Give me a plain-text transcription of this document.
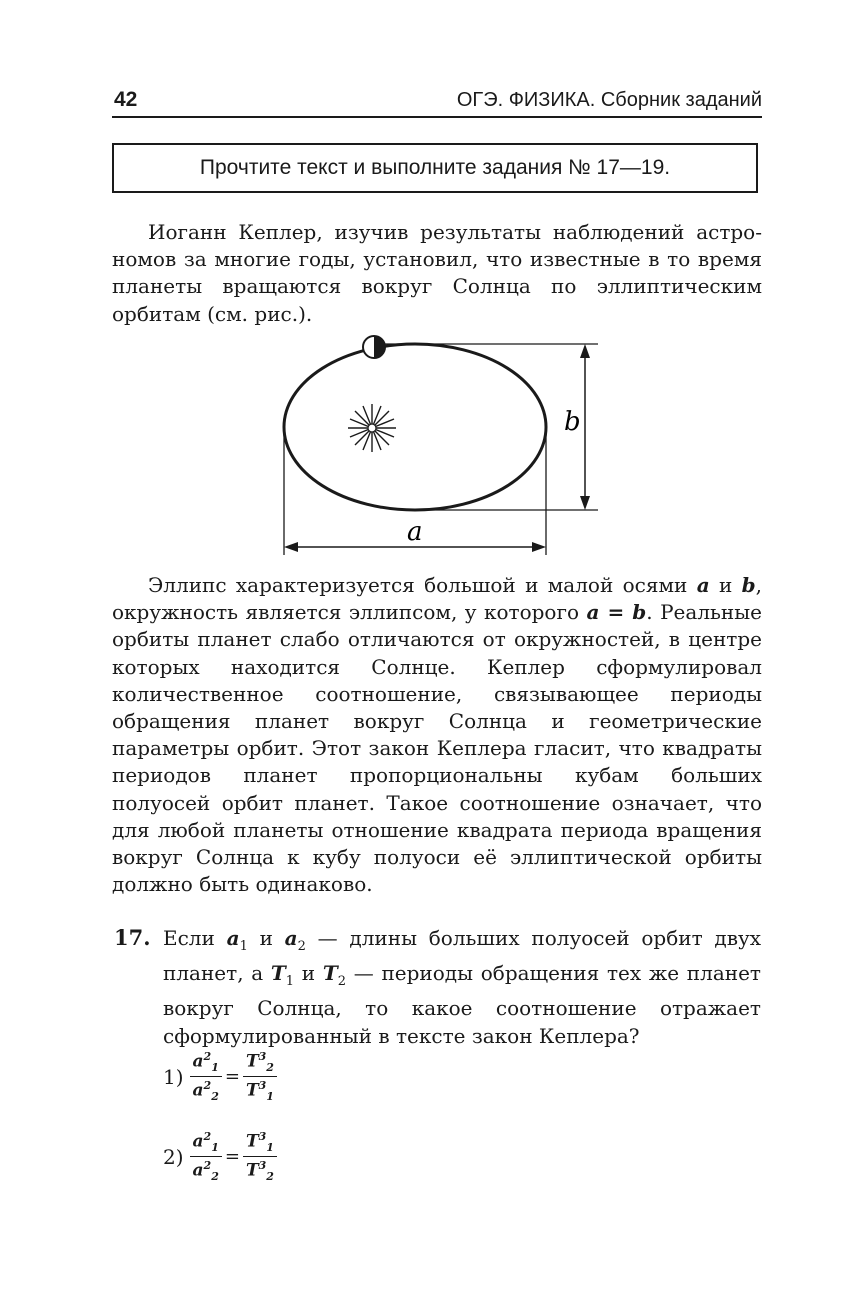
42	ОГЭ. ФИЗИКА. Сборник заданий
Прочтите текст и выполните задания № 17—19.
Иоганн Кеплер, изучив результаты наблюдений астрономов за многие годы, установил, что известные в то время планеты вращаются вокруг Солнца по эллиптическим орбитам (см. рис.).
b
a
Эллипс характеризуется большой и малой осями a и b, окружность является эллипсом, у которого a = b. Реальные орбиты планет слабо отличаются от окружностей, в центре которых находится Солнце. Кеплер сформулировал количественное соотношение, связывающее периоды обращения планет вокруг Солнца и геометрические параметры орбит. Этот закон Кеплера гласит, что квадраты периодов планет пропорциональны кубам больших полуосей орбит планет. Такое соотношение означает, что для любой планеты отношение квадрата периода вращения вокруг Солнца к кубу полуоси её эллиптической орбиты должно быть одинаково.
17. Если $a_1$ и $a_2$ — длины больших полуосей орбит двух планет, а $T_1$ и $T_2$ — периоды обращения тех же планет вокруг Солнца, то какое соотношение отражает сформулированный в тексте закон Кеплера?
$1) \frac{a^2_1}{a^2_2} = \frac{T^3_2}{T^3_1}$
$2) \frac{a^2_1}{a^2_2} = \frac{T^3_1}{T^3_2}$
